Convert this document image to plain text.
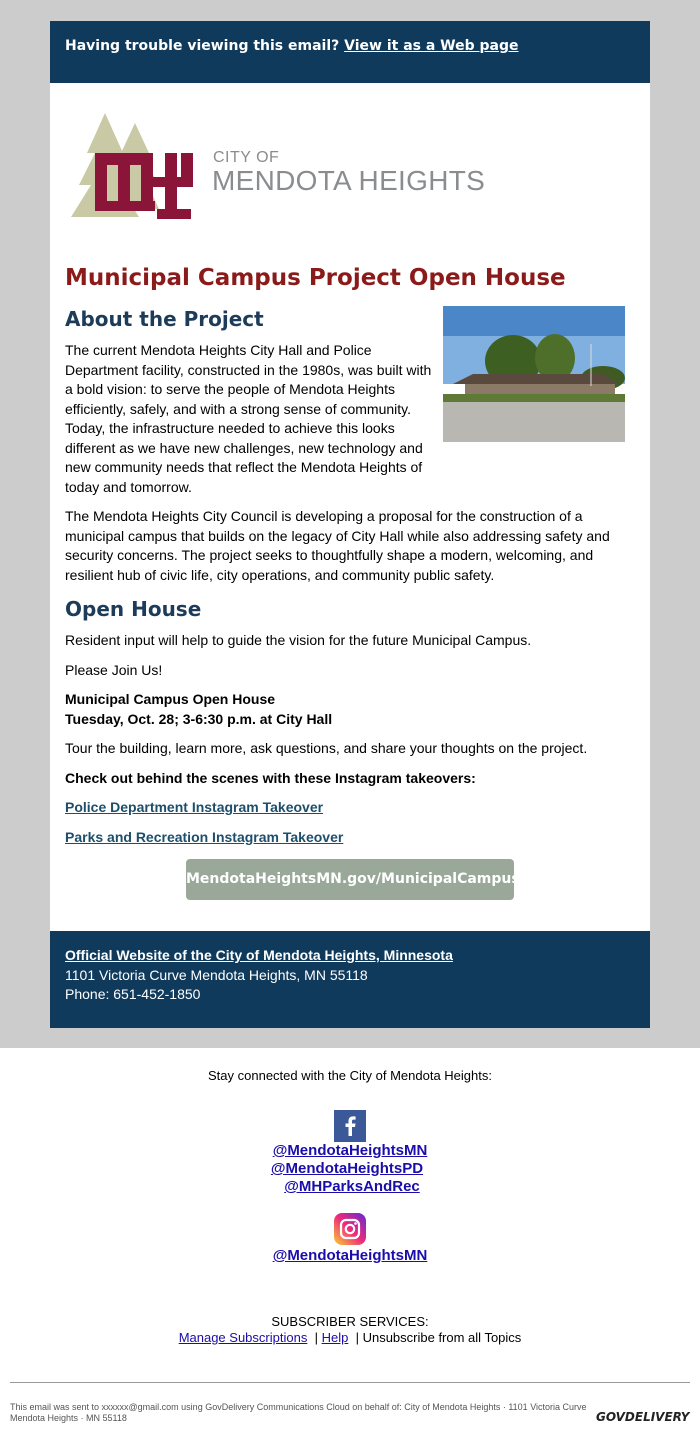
Having trouble viewing this email? View it as a Web page
CITY OF
MENDOTA HEIGHTS
Municipal Campus Project Open House
About the Project

The current Mendota Heights City Hall and Police Department facility, constructed in the 1980s, was built with a bold vision: to serve the people of Mendota Heights efficiently, safely, and with a strong sense of community. Today, the infrastructure needed to achieve this looks different as we have new challenges, new technology and new community needs that reflect the Mendota Heights of today and tomorrow.

The Mendota Heights City Council is developing a proposal for the construction of a municipal campus that builds on the legacy of City Hall while also addressing safety and security concerns. The project seeks to thoughtfully shape a modern, welcoming, and resilient hub of civic life, city operations, and community public safety.

Open House

Resident input will help to guide the vision for the future Municipal Campus.

Please Join Us!

Municipal Campus Open House

Tuesday, Oct. 28; 3-6:30 p.m. at City Hall

Tour the building, learn more, ask questions, and share your thoughts on the project.

Check out behind the scenes with these Instagram takeovers:

Police Department Instagram Takeover

Parks and Recreation Instagram Takeover

MendotaHeightsMN.gov/MunicipalCampus
Official Website of the City of Mendota Heights, Minnesota
1101 Victoria Curve Mendota Heights, MN 55118
Phone: 651-452-1850
Stay connected with the City of Mendota Heights:
@MendotaHeightsMN
@MendotaHeightsPD
@MHParksAndRec
@MendotaHeightsMN
SUBSCRIBER SERVICES:
Manage Subscriptions | Help | Unsubscribe from all Topics
This email was sent to xxxxxx@gmail.com using GovDelivery Communications Cloud on behalf of: City of Mendota Heights · 1101 Victoria Curve Mendota Heights · MN 55118	GOVDELIVERY
